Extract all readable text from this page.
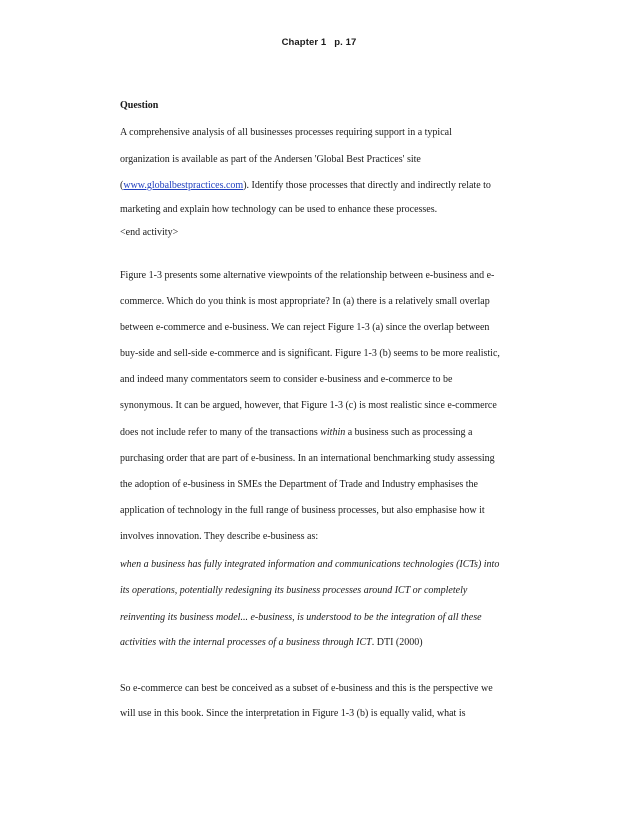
Chapter 1 p. 17
Question
A comprehensive analysis of all businesses processes requiring support in a typical
organization is available as part of the Andersen 'Global Best Practices' site
(www.globalbestpractices.com). Identify those processes that directly and indirectly relate to
marketing and explain how technology can be used to enhance these processes.
<end activity>
Figure 1-3 presents some alternative viewpoints of the relationship between e-business and e-
commerce. Which do you think is most appropriate? In (a) there is a relatively small overlap
between e-commerce and e-business. We can reject Figure 1-3 (a) since the overlap between
buy-side and sell-side e-commerce and is significant. Figure 1-3 (b) seems to be more realistic,
and indeed many commentators seem to consider e-business and e-commerce to be
synonymous. It can be argued, however, that Figure 1-3 (c) is most realistic since e-commerce
does not include refer to many of the transactions within a business such as processing a
purchasing order that are part of e-business. In an international benchmarking study assessing
the adoption of e-business in SMEs the Department of Trade and Industry emphasises the
application of technology in the full range of business processes, but also emphasise how it
involves innovation. They describe e-business as:
when a business has fully integrated information and communications technologies (ICTs) into
its operations, potentially redesigning its business processes around ICT or completely
reinventing its business model... e-business, is understood to be the integration of all these
activities with the internal processes of a business through ICT. DTI (2000)
So e-commerce can best be conceived as a subset of e-business and this is the perspective we
will use in this book. Since the interpretation in Figure 1-3 (b) is equally valid, what is
